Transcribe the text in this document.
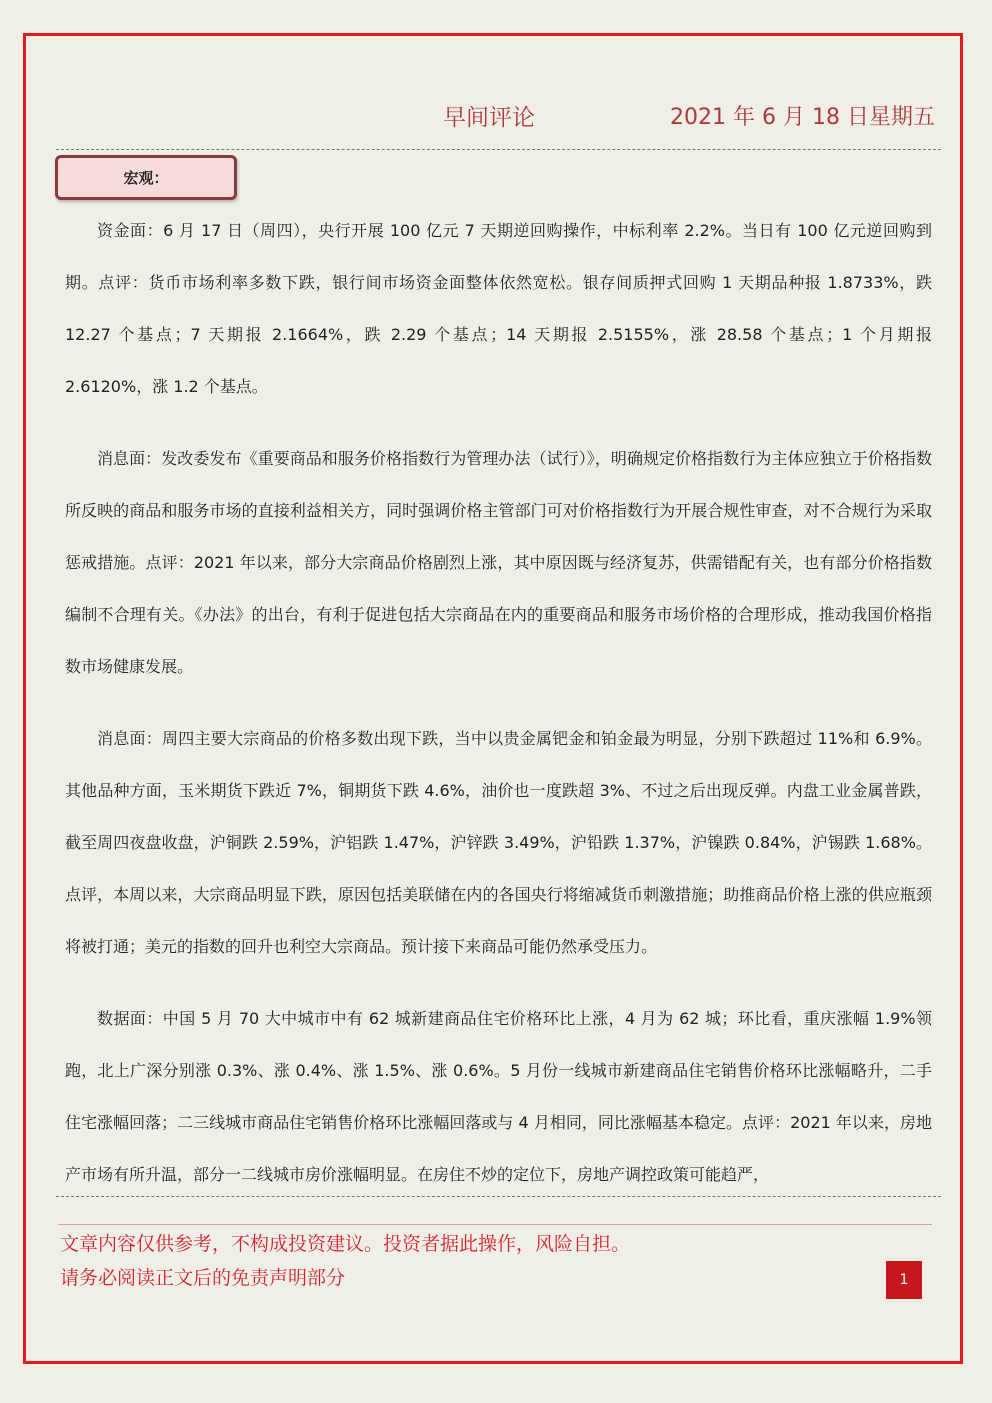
早间评论	2021 年 6 月 18 日星期五
宏观：

资金面：6 月 17 日（周四），央行开展 100 亿元 7 天期逆回购操作，中标利率 2.2%。当日有 100 亿元逆回购到期。点评：货币市场利率多数下跌，银行间市场资金面整体依然宽松。银存间质押式回购 1 天期品种报 1.8733%，跌 12.27 个基点；7 天期报 2.1664%，跌 2.29 个基点；14 天期报 2.5155%，涨 28.58 个基点；1 个月期报 2.6120%，涨 1.2 个基点。

消息面：发改委发布《重要商品和服务价格指数行为管理办法（试行）》，明确规定价格指数行为主体应独立于价格指数所反映的商品和服务市场的直接利益相关方，同时强调价格主管部门可对价格指数行为开展合规性审查，对不合规行为采取惩戒措施。点评：2021 年以来，部分大宗商品价格剧烈上涨，其中原因既与经济复苏，供需错配有关，也有部分价格指数编制不合理有关。《办法》的出台，有利于促进包括大宗商品在内的重要商品和服务市场价格的合理形成，推动我国价格指数市场健康发展。

消息面：周四主要大宗商品的价格多数出现下跌，当中以贵金属钯金和铂金最为明显，分别下跌超过 11%和 6.9%。其他品种方面，玉米期货下跌近 7%，铜期货下跌 4.6%，油价也一度跌超 3%、不过之后出现反弹。内盘工业金属普跌，截至周四夜盘收盘，沪铜跌 2.59%，沪铝跌 1.47%，沪锌跌 3.49%，沪铅跌 1.37%，沪镍跌 0.84%，沪锡跌 1.68%。点评，本周以来，大宗商品明显下跌，原因包括美联储在内的各国央行将缩减货币刺激措施；助推商品价格上涨的供应瓶颈将被打通；美元的指数的回升也利空大宗商品。预计接下来商品可能仍然承受压力。

数据面：中国 5 月 70 大中城市中有 62 城新建商品住宅价格环比上涨，4 月为 62 城；环比看，重庆涨幅 1.9%领跑，北上广深分别涨 0.3%、涨 0.4%、涨 1.5%、涨 0.6%。5 月份一线城市新建商品住宅销售价格环比涨幅略升，二手住宅涨幅回落；二三线城市商品住宅销售价格环比涨幅回落或与 4 月相同，同比涨幅基本稳定。点评：2021 年以来，房地产市场有所升温，部分一二线城市房价涨幅明显。在房住不炒的定位下，房地产调控政策可能趋严，

文章内容仅供参考，不构成投资建议。投资者据此操作，风险自担。
请务必阅读正文后的免责声明部分	1
